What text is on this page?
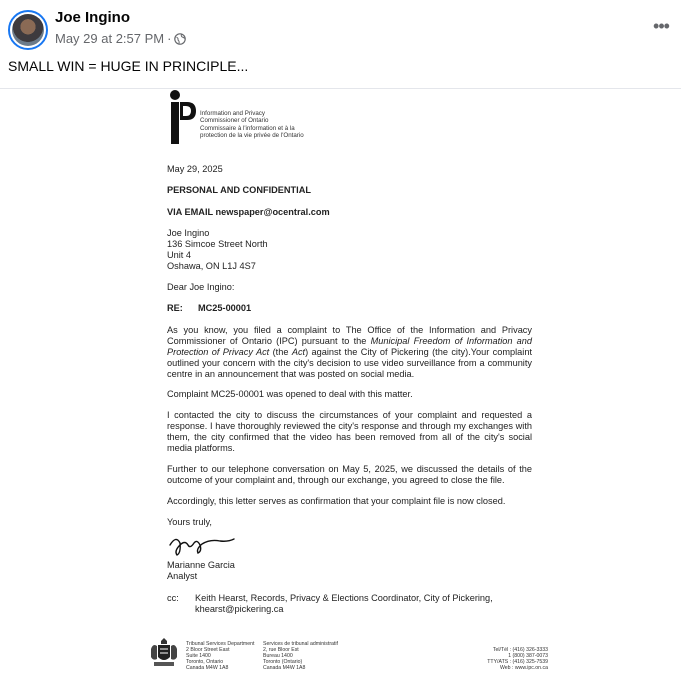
Joe Ingino
May 29 at 2:57 PM ·
•••
SMALL WIN = HUGE IN PRINCIPLE...
Information and Privacy
Commissioner of Ontario
Commissaire à l'information et à la
protection de la vie privée de l'Ontario
May 29, 2025
PERSONAL AND CONFIDENTIAL
VIA EMAIL newspaper@ocentral.com
Joe Ingino
136 Simcoe Street North
Unit 4
Oshawa, ON L1J 4S7
Dear Joe Ingino:
RE: MC25-00001
As you know, you filed a complaint to The Office of the Information and Privacy Commissioner of Ontario (IPC) pursuant to the Municipal Freedom of Information and Protection of Privacy Act (the Act) against the City of Pickering (the city).Your complaint outlined your concern with the city's decision to use video surveillance from a community centre in an announcement that was posted on social media.
Complaint MC25-00001 was opened to deal with this matter.
I contacted the city to discuss the circumstances of your complaint and requested a response. I have thoroughly reviewed the city's response and through my exchanges with them, the city confirmed that the video has been removed from all of the city's social media platforms.
Further to our telephone conversation on May 5, 2025, we discussed the details of the outcome of your complaint and, through our exchange, you agreed to close the file.
Accordingly, this letter serves as confirmation that your complaint file is now closed.
Yours truly,
Marianne Garcia
Analyst
cc: Keith Hearst, Records, Privacy & Elections Coordinator, City of Pickering,
khearst@pickering.ca
Tribunal Services Department
2 Bloor Street East
Suite 1400
Toronto, Ontario
Canada M4W 1A8
Services de tribunal administratif
2, rue Bloor Est
Bureau 1400
Toronto (Ontario)
Canada M4W 1A8
Tel/Tél : (416) 326-3333
1 (800) 387-0073
TTY/ATS : (416) 325-7539
Web : www.ipc.on.ca
